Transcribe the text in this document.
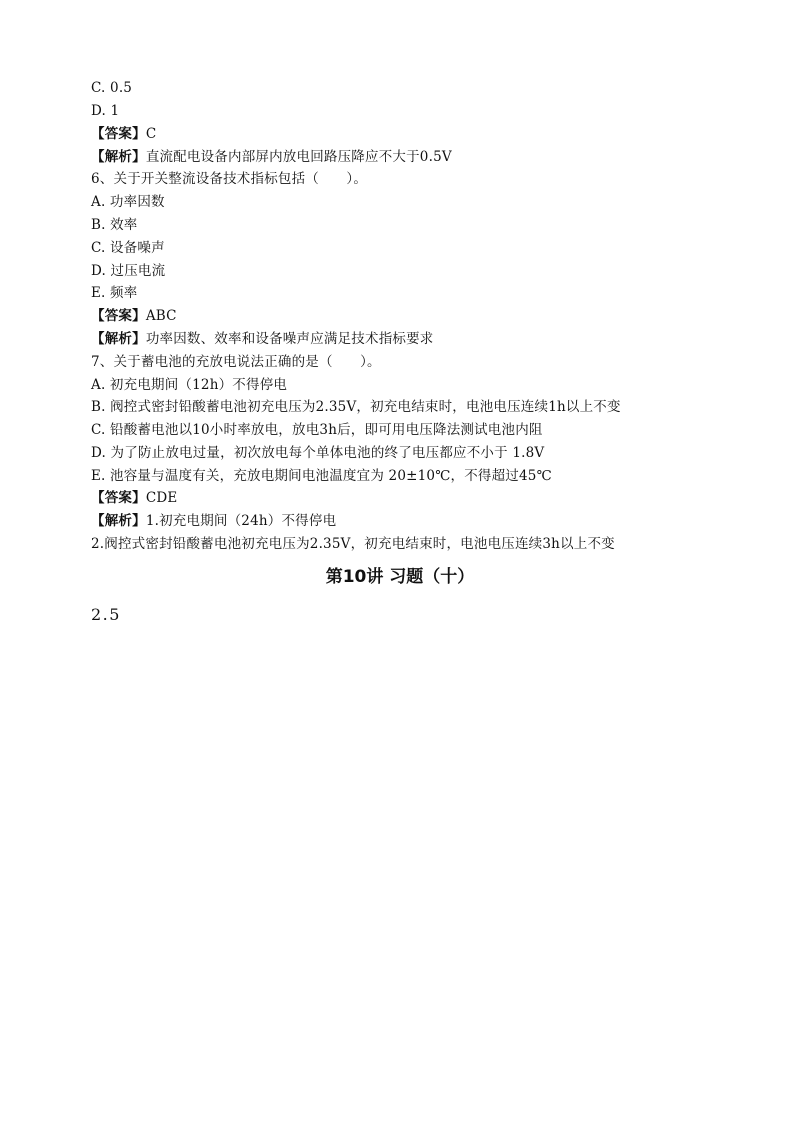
C. 0.5
D. 1
【答案】C
【解析】直流配电设备内部屏内放电回路压降应不大于0.5V
6、关于开关整流设备技术指标包括（　　）。
A. 功率因数
B. 效率
C. 设备噪声
D. 过压电流
E. 频率
【答案】ABC
【解析】功率因数、效率和设备噪声应满足技术指标要求
7、关于蓄电池的充放电说法正确的是（　　）。
A. 初充电期间（12h）不得停电
B. 阀控式密封铅酸蓄电池初充电压为2.35V，初充电结束时，电池电压连续1h以上不变
C. 铅酸蓄电池以10小时率放电，放电3h后，即可用电压降法测试电池内阻
D. 为了防止放电过量，初次放电每个单体电池的终了电压都应不小于 1.8V
E. 池容量与温度有关，充放电期间电池温度宜为 20±10℃，不得超过45℃
【答案】CDE
【解析】1.初充电期间（24h）不得停电
2.阀控式密封铅酸蓄电池初充电压为2.35V，初充电结束时，电池电压连续3h以上不变
第10讲 习题（十）
2.5
